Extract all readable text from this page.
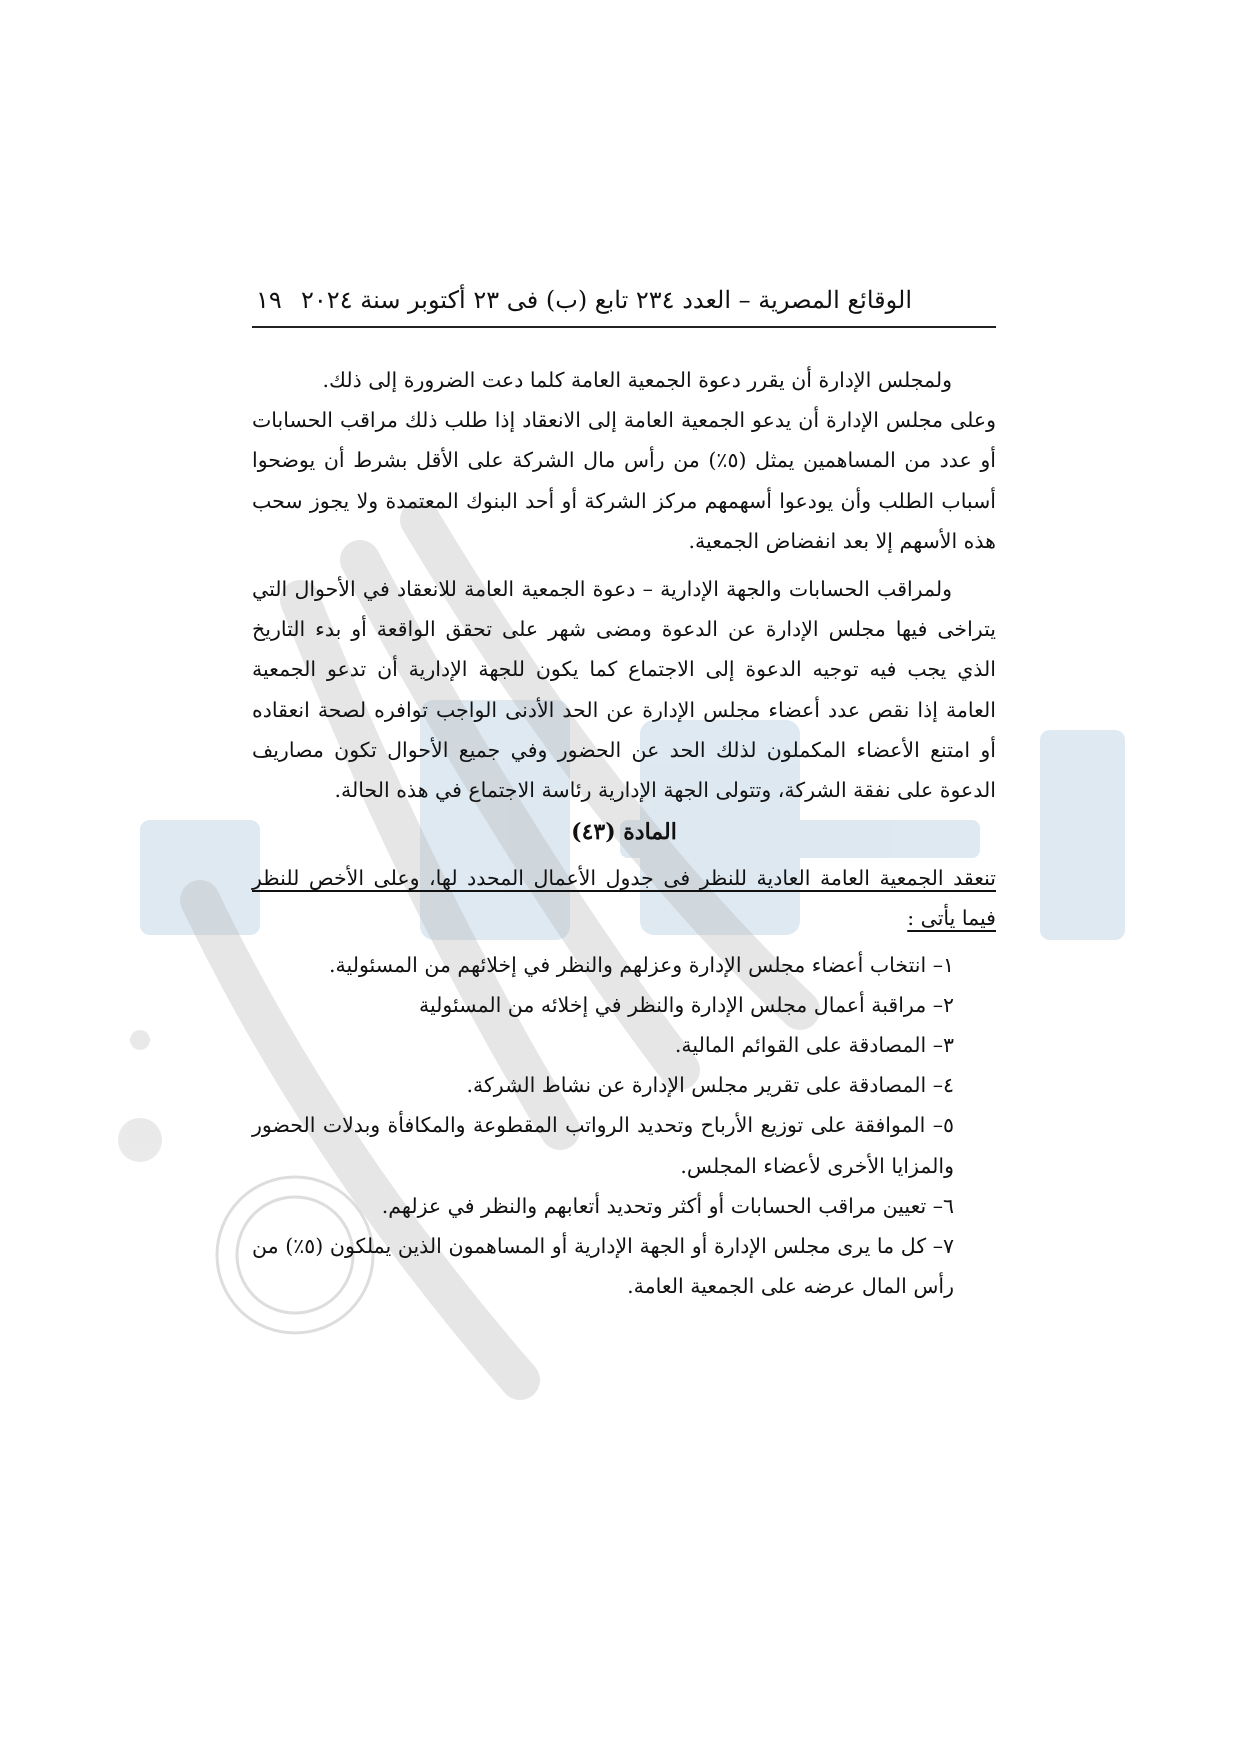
الوقائع المصرية – العدد ٢٣٤ تابع (ب) فى ٢٣ أكتوبر سنة ٢٠٢٤
١٩

ولمجلس الإدارة أن يقرر دعوة الجمعية العامة كلما دعت الضرورة إلى ذلك.

وعلى مجلس الإدارة أن يدعو الجمعية العامة إلى الانعقاد إذا طلب ذلك مراقب الحسابات أو عدد من المساهمين يمثل (٥٪) من رأس مال الشركة على الأقل بشرط أن يوضحوا أسباب الطلب وأن يودعوا أسهمهم مركز الشركة أو أحد البنوك المعتمدة ولا يجوز سحب هذه الأسهم إلا بعد انفضاض الجمعية.

ولمراقب الحسابات والجهة الإدارية – دعوة الجمعية العامة للانعقاد في الأحوال التي يتراخى فيها مجلس الإدارة عن الدعوة ومضى شهر على تحقق الواقعة أو بدء التاريخ الذي يجب فيه توجيه الدعوة إلى الاجتماع كما يكون للجهة الإدارية أن تدعو الجمعية العامة إذا نقص عدد أعضاء مجلس الإدارة عن الحد الأدنى الواجب توافره لصحة انعقاده أو امتنع الأعضاء المكملون لذلك الحد عن الحضور وفي جميع الأحوال تكون مصاريف الدعوة على نفقة الشركة، وتتولى الجهة الإدارية رئاسة الاجتماع في هذه الحالة.

المادة (٤٣)

تنعقد الجمعية العامة العادية للنظر فى جدول الأعمال المحدد لها، وعلى الأخص للنظر فيما يأتى :

١– انتخاب أعضاء مجلس الإدارة وعزلهم والنظر في إخلائهم من المسئولية.

٢– مراقبة أعمال مجلس الإدارة والنظر في إخلائه من المسئولية

٣– المصادقة على القوائم المالية.

٤– المصادقة على تقرير مجلس الإدارة عن نشاط الشركة.

٥– الموافقة على توزيع الأرباح وتحديد الرواتب المقطوعة والمكافأة وبدلات الحضور والمزايا الأخرى لأعضاء المجلس.

٦– تعيين مراقب الحسابات أو أكثر وتحديد أتعابهم والنظر في عزلهم.

٧– كل ما يرى مجلس الإدارة أو الجهة الإدارية أو المساهمون الذين يملكون (٥٪) من رأس المال عرضه على الجمعية العامة.
